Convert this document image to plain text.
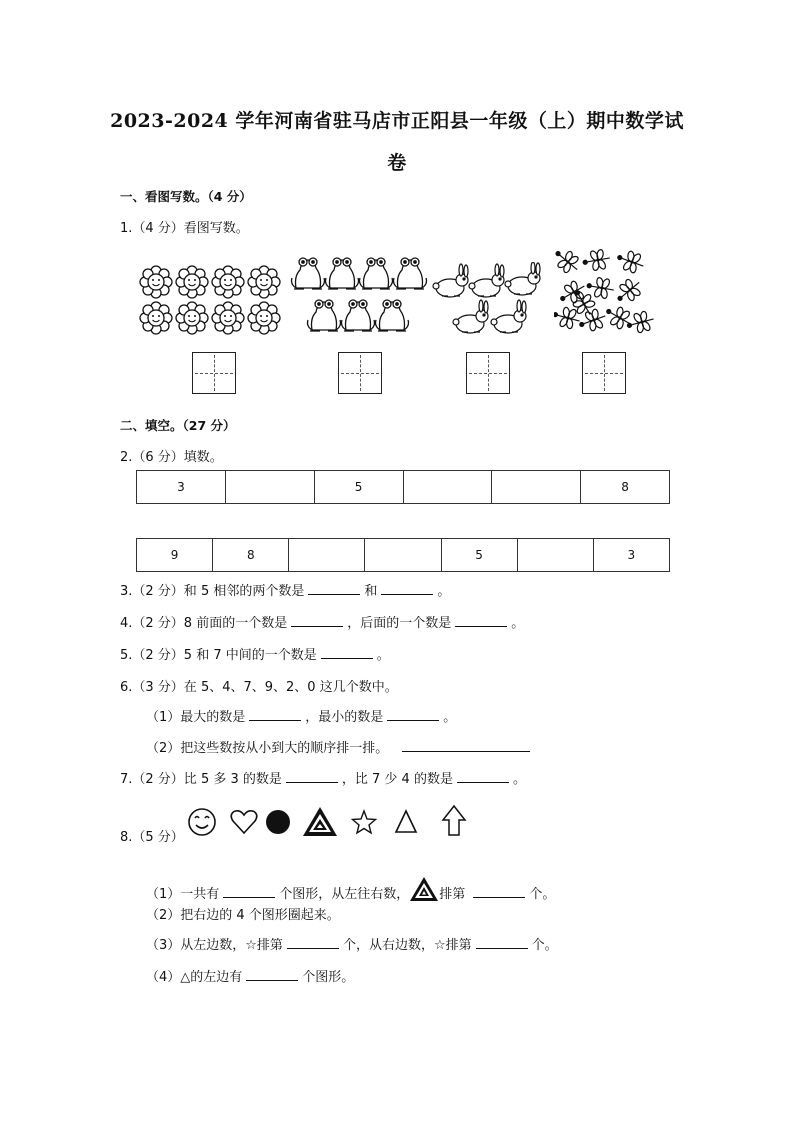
2023-2024 学年河南省驻马店市正阳县一年级（上）期中数学试
卷
一、看图写数。（4 分）
1.（4 分）看图写数。
二、填空。（27 分）
2.（6 分）填数。
3		5			8
9	8			5		3
3.（2 分）和 5 相邻的两个数是	和	。
4.（2 分）8 前面的一个数是	，后面的一个数是	。
5.（2 分）5 和 7 中间的一个数是	。
6.（3 分）在 5、4、7、9、2、0 这几个数中。
（1）最大的数是	，最小的数是	。
（2）把这些数按从小到大的顺序排一排。
7.（2 分）比 5 多 3 的数是	，比 7 少 4 的数是	。
8.（5 分）
（1）一共有	个图形，从左往右数， 排第	个。
（2）把右边的 4 个图形圈起来。
（3）从左边数，☆排第	个，从右边数，☆排第	个。
（4）△的左边有	个图形。
